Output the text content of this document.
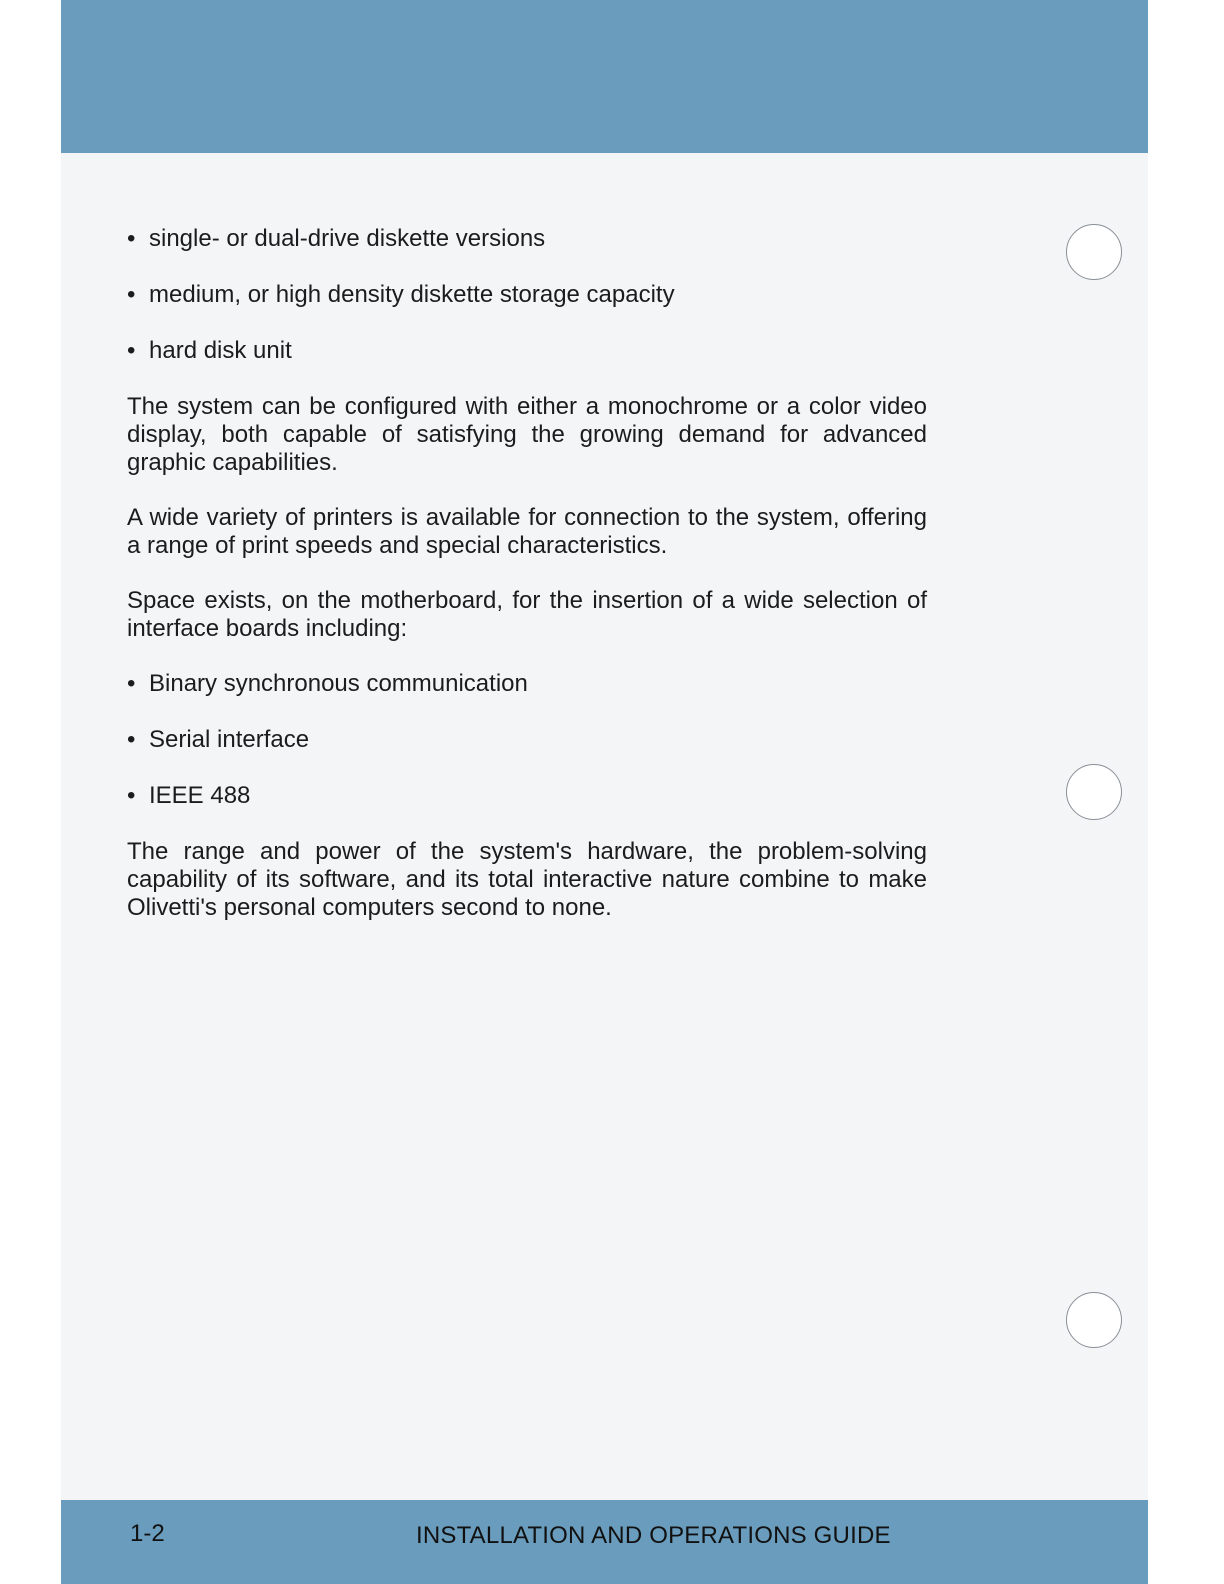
• single- or dual-drive diskette versions
• medium, or high density diskette storage capacity
• hard disk unit

The system can be configured with either a monochrome or a color video display, both capable of satisfying the growing demand for advanced graphic capabilities.

A wide variety of printers is available for connection to the system, offering a range of print speeds and special characteristics.

Space exists, on the motherboard, for the insertion of a wide selection of interface boards including:

• Binary synchronous communication
• Serial interface
• IEEE 488

The range and power of the system's hardware, the problem-solving capability of its software, and its total interactive nature combine to make Olivetti's personal computers second to none.

1-2	INSTALLATION AND OPERATIONS GUIDE
